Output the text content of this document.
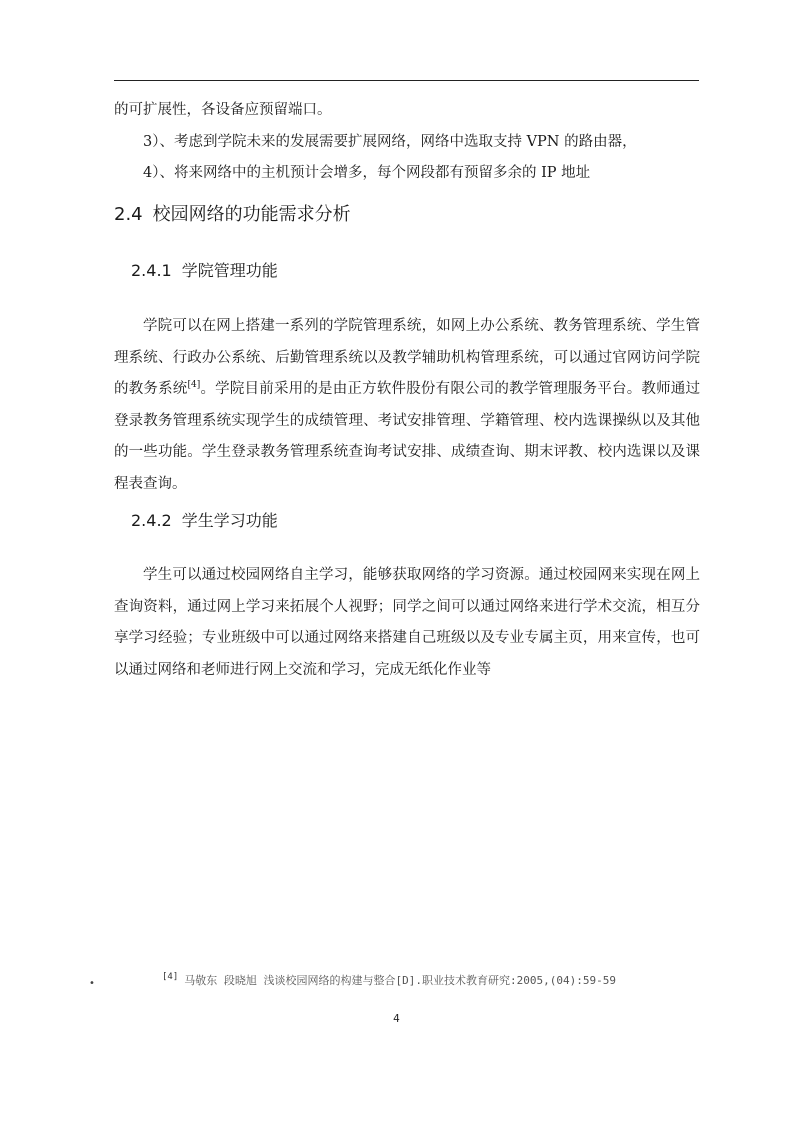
的可扩展性，各设备应预留端口。
3）、考虑到学院未来的发展需要扩展网络，网络中选取支持 VPN 的路由器，
4）、将来网络中的主机预计会增多，每个网段都有预留多余的 IP 地址
2.4 校园网络的功能需求分析
2.4.1 学院管理功能
学院可以在网上搭建一系列的学院管理系统，如网上办公系统、教务管理系统、学生管理系统、行政办公系统、后勤管理系统以及教学辅助机构管理系统，可以通过官网访问学院的教务系统[4]。学院目前采用的是由正方软件股份有限公司的教学管理服务平台。教师通过登录教务管理系统实现学生的成绩管理、考试安排管理、学籍管理、校内选课操纵以及其他的一些功能。学生登录教务管理系统查询考试安排、成绩查询、期末评教、校内选课以及课程表查询。
2.4.2 学生学习功能
学生可以通过校园网络自主学习，能够获取网络的学习资源。通过校园网来实现在网上查询资料，通过网上学习来拓展个人视野；同学之间可以通过网络来进行学术交流，相互分享学习经验；专业班级中可以通过网络来搭建自己班级以及专业专属主页，用来宣传，也可以通过网络和老师进行网上交流和学习，完成无纸化作业等
•
[4] 马敬东 段晓旭 浅谈校园网络的构建与整合[D].职业技术教育研究:2005,(04):59-59
4
